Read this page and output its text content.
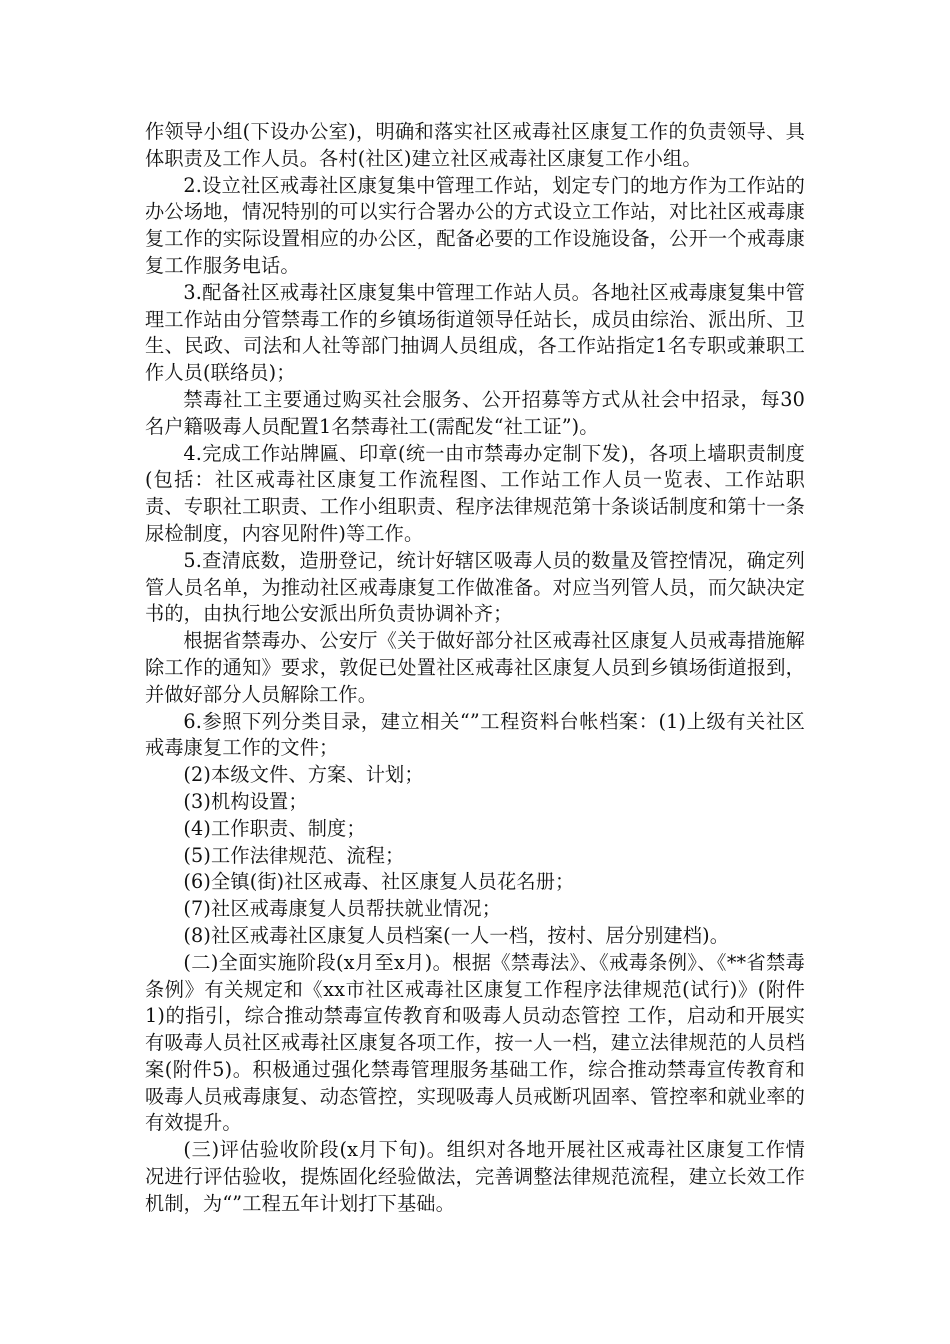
作领导小组(下设办公室)，明确和落实社区戒毒社区康复工作的负责领导、具体职责及工作人员。各村(社区)建立社区戒毒社区康复工作小组。

2.设立社区戒毒社区康复集中管理工作站，划定专门的地方作为工作站的办公场地，情况特别的可以实行合署办公的方式设立工作站，对比社区戒毒康复工作的实际设置相应的办公区，配备必要的工作设施设备，公开一个戒毒康复工作服务电话。

3.配备社区戒毒社区康复集中管理工作站人员。各地社区戒毒康复集中管理工作站由分管禁毒工作的乡镇场街道领导任站长，成员由综治、派出所、卫生、民政、司法和人社等部门抽调人员组成，各工作站指定1名专职或兼职工作人员(联络员)；

禁毒社工主要通过购买社会服务、公开招募等方式从社会中招录，每30名户籍吸毒人员配置1名禁毒社工(需配发“社工证”)。

4.完成工作站牌匾、印章(统一由市禁毒办定制下发)，各项上墙职责制度(包括：社区戒毒社区康复工作流程图、工作站工作人员一览表、工作站职责、专职社工职责、工作小组职责、程序法律规范第十条谈话制度和第十一条尿检制度，内容见附件)等工作。

5.查清底数，造册登记，统计好辖区吸毒人员的数量及管控情况，确定列管人员名单，为推动社区戒毒康复工作做准备。对应当列管人员，而欠缺决定书的，由执行地公安派出所负责协调补齐；

根据省禁毒办、公安厅《关于做好部分社区戒毒社区康复人员戒毒措施解除工作的通知》要求，敦促已处置社区戒毒社区康复人员到乡镇场街道报到，并做好部分人员解除工作。

6.参照下列分类目录，建立相关“”工程资料台帐档案：(1)上级有关社区戒毒康复工作的文件；

(2)本级文件、方案、计划；

(3)机构设置；

(4)工作职责、制度；

(5)工作法律规范、流程；

(6)全镇(街)社区戒毒、社区康复人员花名册；

(7)社区戒毒康复人员帮扶就业情况；

(8)社区戒毒社区康复人员档案(一人一档，按村、居分别建档)。

(二)全面实施阶段(x月至x月)。根据《禁毒法》、《戒毒条例》、《**省禁毒条例》有关规定和《xx市社区戒毒社区康复工作程序法律规范(试行)》(附件1)的指引，综合推动禁毒宣传教育和吸毒人员动态管控 工作，启动和开展实有吸毒人员社区戒毒社区康复各项工作，按一人一档，建立法律规范的人员档案(附件5)。积极通过强化禁毒管理服务基础工作，综合推动禁毒宣传教育和吸毒人员戒毒康复、动态管控，实现吸毒人员戒断巩固率、管控率和就业率的有效提升。

(三)评估验收阶段(x月下旬)。组织对各地开展社区戒毒社区康复工作情况进行评估验收，提炼固化经验做法，完善调整法律规范流程，建立长效工作机制，为“”工程五年计划打下基础。
